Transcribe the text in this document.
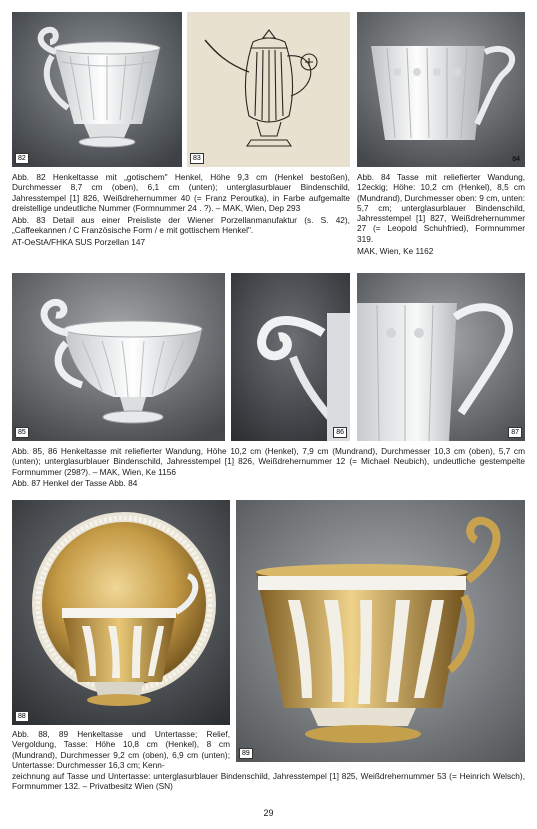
82	83	84

Abb. 82 Henkeltasse mit „gotischem" Henkel, Höhe 9,3 cm (Henkel bestoßen), Durchmesser 8,7 cm (oben), 6,1 cm (unten); unterglasurblauer Bindenschild, Jahresstempel [1] 826, Weißdrehernummer 40 (= Franz Peroutka), in Farbe aufgemalte dreistellige undeutliche Nummer (Formnummer 24 . ?). – MAK, Wien, Dep 293

Abb. 83 Detail aus einer Preisliste der Wiener Porzellanmanufaktur (s. S. 42), „Caffeekannen / C Französische Form / e mit gottischem Henkel".

AT-OeStA/FHKA SUS Porzellan 147

Abb. 84 Tasse mit reliefierter Wandung, 12eckig; Höhe: 10,2 cm (Henkel), 8,5 cm (Mundrand), Durchmesser oben: 9 cm, unten: 5,7 cm; unterglasurblauer Bindenschild, Jahresstempel [1] 827, Weißdrehernummer 27 (= Leopold Schuhfried), Formnummer 319.

MAK, Wien, Ke 1162

85	86	87

Abb. 85, 86 Henkeltasse mit reliefierter Wandung, Höhe 10,2 cm (Henkel), 7,9 cm (Mundrand), Durchmesser 10,3 cm (oben), 5,7 cm (unten); unterglasurblauer Bindenschild, Jahresstempel [1] 826, Weißdrehernummer 12 (= Michael Neubich), undeutliche gestempelte Formnummer (298?). – MAK, Wien, Ke 1156

Abb. 87 Henkel der Tasse Abb. 84

88
89

Abb. 88, 89 Henkeltasse und Untertasse; Relief, Vergoldung, Tasse: Höhe 10,8 cm (Henkel), 8 cm (Mundrand), Durchmesser 9,2 cm (oben), 6,9 cm (unten); Untertasse: Durchmesser 16,3 cm; Kenn-

zeichnung auf Tasse und Untertasse: unterglasurblauer Bindenschild, Jahresstempel [1] 825, Weißdrehernummer 53 (= Heinrich Welsch), Formnummer 132. – Privatbesitz Wien (SN)

29
